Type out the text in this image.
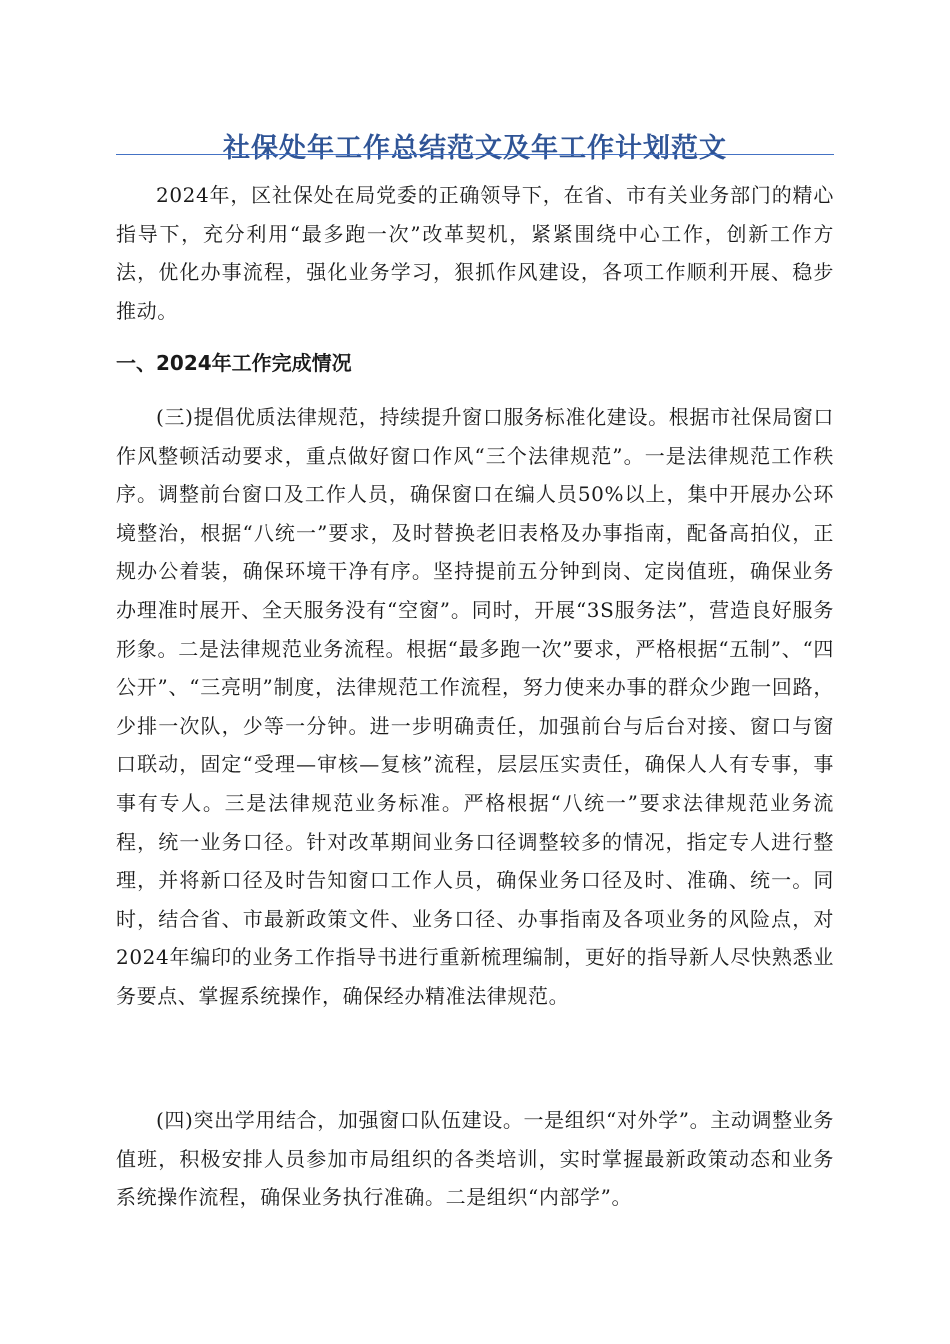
社保处年工作总结范文及年工作计划范文

2024年，区社保处在局党委的正确领导下，在省、市有关业务部门的精心指导下，充分利用“最多跑一次”改革契机，紧紧围绕中心工作，创新工作方法，优化办事流程，强化业务学习，狠抓作风建设，各项工作顺利开展、稳步推动。

一、2024年工作完成情况

(三)提倡优质法律规范，持续提升窗口服务标准化建设。根据市社保局窗口作风整顿活动要求，重点做好窗口作风“三个法律规范”。一是法律规范工作秩序。调整前台窗口及工作人员，确保窗口在编人员50%以上，集中开展办公环境整治，根据“八统一”要求，及时替换老旧表格及办事指南，配备高拍仪，正规办公着装，确保环境干净有序。坚持提前五分钟到岗、定岗值班，确保业务办理准时展开、全天服务没有“空窗”。同时，开展“3S服务法”，营造良好服务形象。二是法律规范业务流程。根据“最多跑一次”要求，严格根据“五制”、“四公开”、“三亮明”制度，法律规范工作流程，努力使来办事的群众少跑一回路，少排一次队，少等一分钟。进一步明确责任，加强前台与后台对接、窗口与窗口联动，固定“受理—审核—复核”流程，层层压实责任，确保人人有专事，事事有专人。三是法律规范业务标准。严格根据“八统一”要求法律规范业务流程，统一业务口径。针对改革期间业务口径调整较多的情况，指定专人进行整理，并将新口径及时告知窗口工作人员，确保业务口径及时、准确、统一。同时，结合省、市最新政策文件、业务口径、办事指南及各项业务的风险点，对2024年编印的业务工作指导书进行重新梳理编制，更好的指导新人尽快熟悉业务要点、掌握系统操作，确保经办精准法律规范。

(四)突出学用结合，加强窗口队伍建设。一是组织“对外学”。主动调整业务值班，积极安排人员参加市局组织的各类培训，实时掌握最新政策动态和业务系统操作流程，确保业务执行准确。二是组织“内部学”。
